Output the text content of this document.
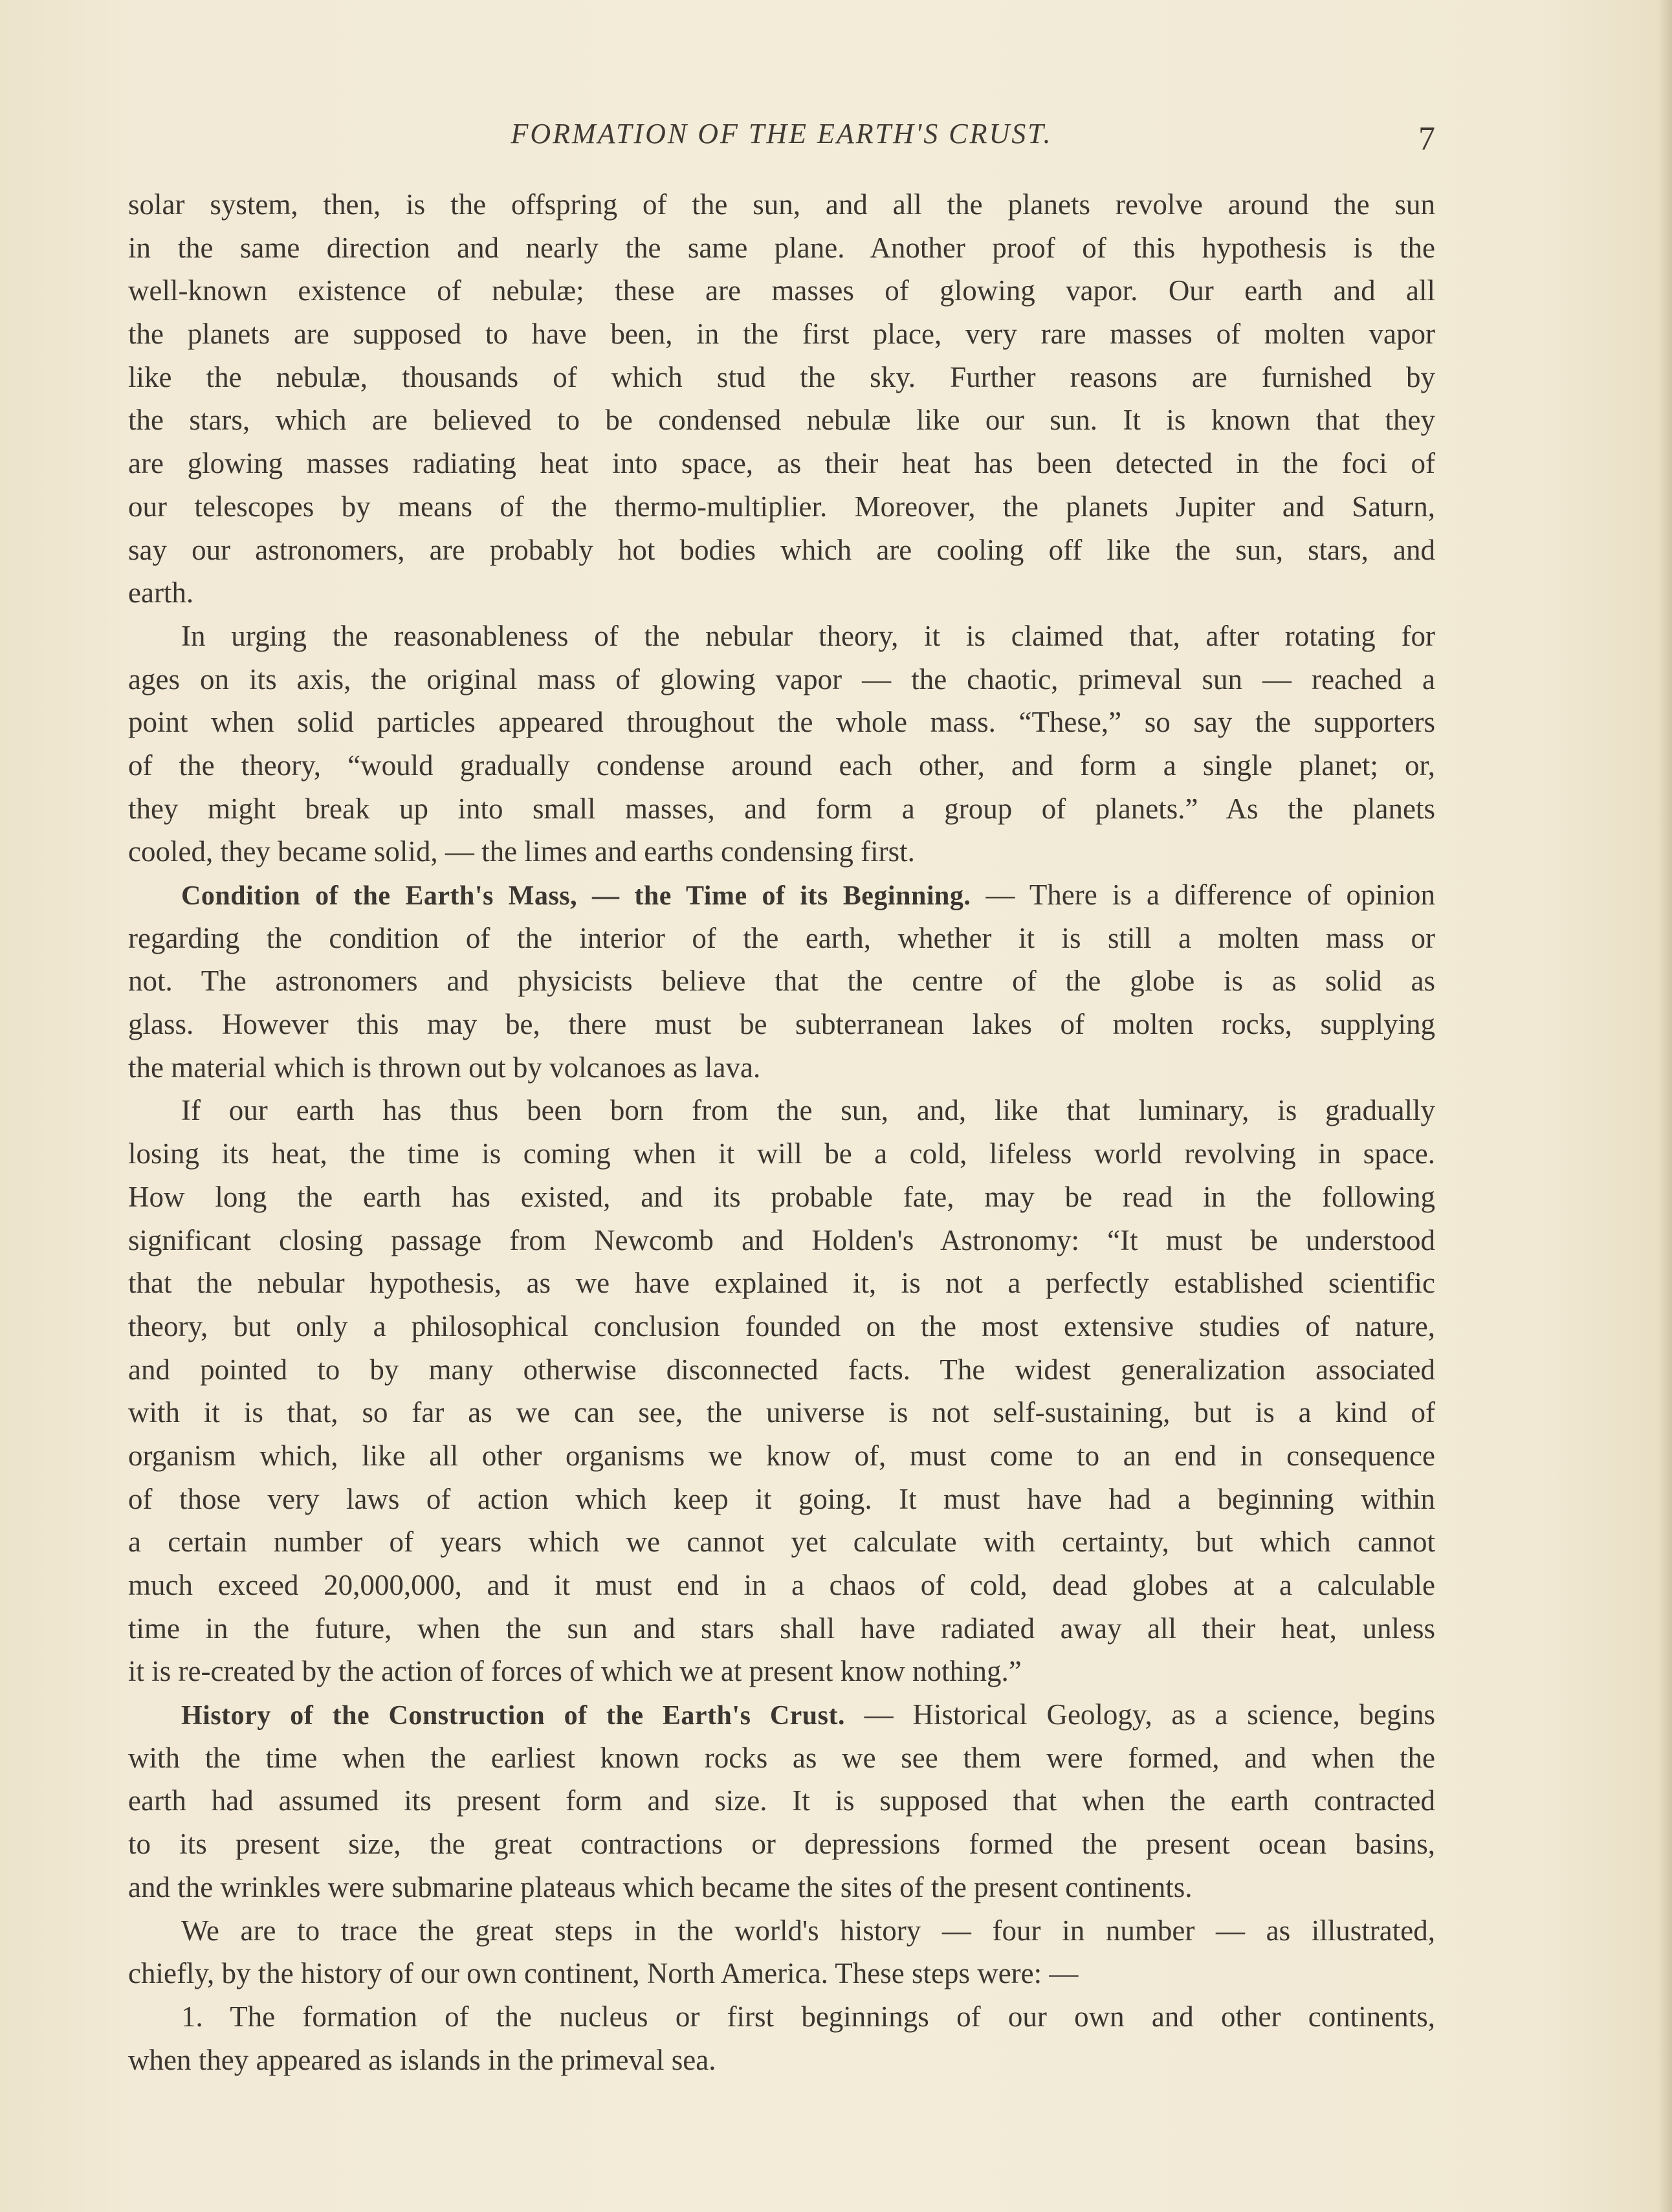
FORMATION OF THE EARTH'S CRUST.	7
solar system, then, is the offspring of the sun, and all the planets revolve around the sun
in the same direction and nearly the same plane. Another proof of this hypothesis is the
well-known existence of nebulæ; these are masses of glowing vapor. Our earth and all
the planets are supposed to have been, in the first place, very rare masses of molten vapor
like the nebulæ, thousands of which stud the sky. Further reasons are furnished by
the stars, which are believed to be condensed nebulæ like our sun. It is known that they
are glowing masses radiating heat into space, as their heat has been detected in the foci of
our telescopes by means of the thermo-multiplier. Moreover, the planets Jupiter and Saturn,
say our astronomers, are probably hot bodies which are cooling off like the sun, stars, and
earth.
In urging the reasonableness of the nebular theory, it is claimed that, after rotating for
ages on its axis, the original mass of glowing vapor — the chaotic, primeval sun — reached a
point when solid particles appeared throughout the whole mass. “These,” so say the supporters
of the theory, “would gradually condense around each other, and form a single planet; or,
they might break up into small masses, and form a group of planets.” As the planets
cooled, they became solid, — the limes and earths condensing first.
Condition of the Earth's Mass, — the Time of its Beginning. — There is a difference of opinion
regarding the condition of the interior of the earth, whether it is still a molten mass or
not. The astronomers and physicists believe that the centre of the globe is as solid as
glass. However this may be, there must be subterranean lakes of molten rocks, supplying
the material which is thrown out by volcanoes as lava.
If our earth has thus been born from the sun, and, like that luminary, is gradually
losing its heat, the time is coming when it will be a cold, lifeless world revolving in space.
How long the earth has existed, and its probable fate, may be read in the following
significant closing passage from Newcomb and Holden's Astronomy: “It must be understood
that the nebular hypothesis, as we have explained it, is not a perfectly established scientific
theory, but only a philosophical conclusion founded on the most extensive studies of nature,
and pointed to by many otherwise disconnected facts. The widest generalization associated
with it is that, so far as we can see, the universe is not self-sustaining, but is a kind of
organism which, like all other organisms we know of, must come to an end in consequence
of those very laws of action which keep it going. It must have had a beginning within
a certain number of years which we cannot yet calculate with certainty, but which cannot
much exceed 20,000,000, and it must end in a chaos of cold, dead globes at a calculable
time in the future, when the sun and stars shall have radiated away all their heat, unless
it is re-created by the action of forces of which we at present know nothing.”
History of the Construction of the Earth's Crust. — Historical Geology, as a science, begins
with the time when the earliest known rocks as we see them were formed, and when the
earth had assumed its present form and size. It is supposed that when the earth contracted
to its present size, the great contractions or depressions formed the present ocean basins,
and the wrinkles were submarine plateaus which became the sites of the present continents.
We are to trace the great steps in the world's history — four in number — as illustrated,
chiefly, by the history of our own continent, North America. These steps were: —
1. The formation of the nucleus or first beginnings of our own and other continents,
when they appeared as islands in the primeval sea.
